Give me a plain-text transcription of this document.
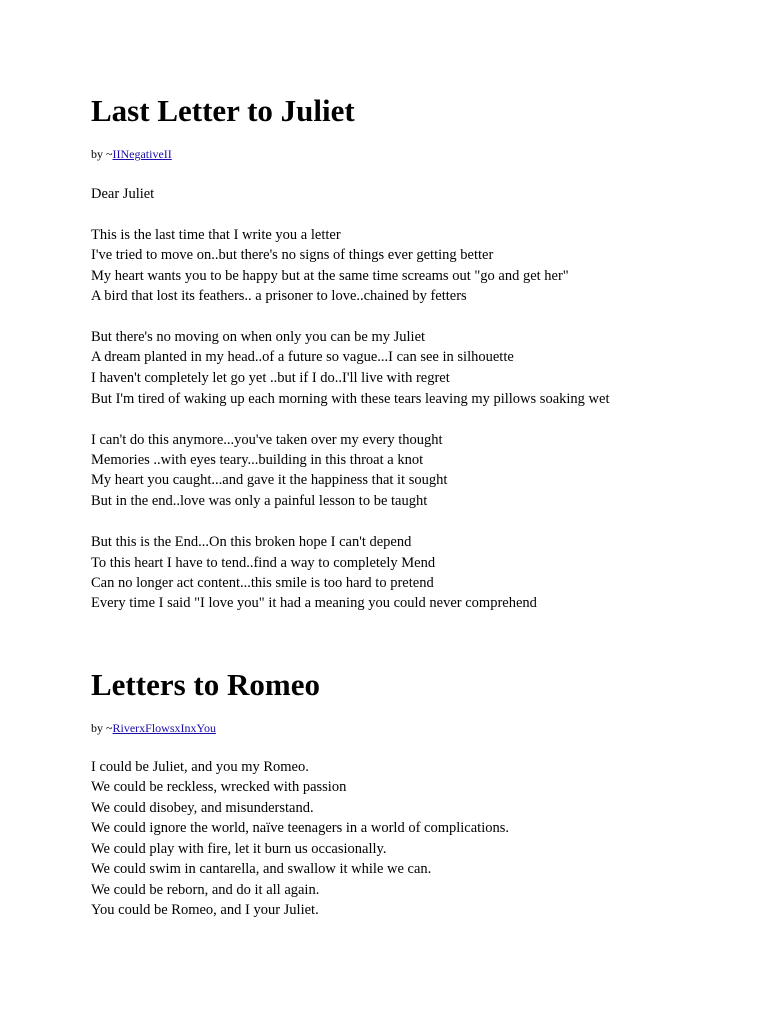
Last Letter to Juliet

by ~IINegativeII

Dear Juliet

This is the last time that I write you a letter

I've tried to move on..but there's no signs of things ever getting better

My heart wants you to be happy but at the same time screams out "go and get her"

A bird that lost its feathers.. a prisoner to love..chained by fetters

But there's no moving on when only you can be my Juliet

A dream planted in my head..of a future so vague...I can see in silhouette

I haven't completely let go yet ..but if I do..I'll live with regret

But I'm tired of waking up each morning with these tears leaving my pillows soaking wet

I can't do this anymore...you've taken over my every thought

Memories ..with eyes teary...building in this throat a knot

My heart you caught...and gave it the happiness that it sought

But in the end..love was only a painful lesson to be taught

But this is the End...On this broken hope I can't depend

To this heart I have to tend..find a way to completely Mend

Can no longer act content...this smile is too hard to pretend

Every time I said "I love you" it had a meaning you could never comprehend

Letters to Romeo

by ~RiverxFlowsxInxYou

I could be Juliet, and you my Romeo.

We could be reckless, wrecked with passion

We could disobey, and misunderstand.

We could ignore the world, naïve teenagers in a world of complications.

We could play with fire, let it burn us occasionally.

We could swim in cantarella, and swallow it while we can.

We could be reborn, and do it all again.

You could be Romeo, and I your Juliet.
